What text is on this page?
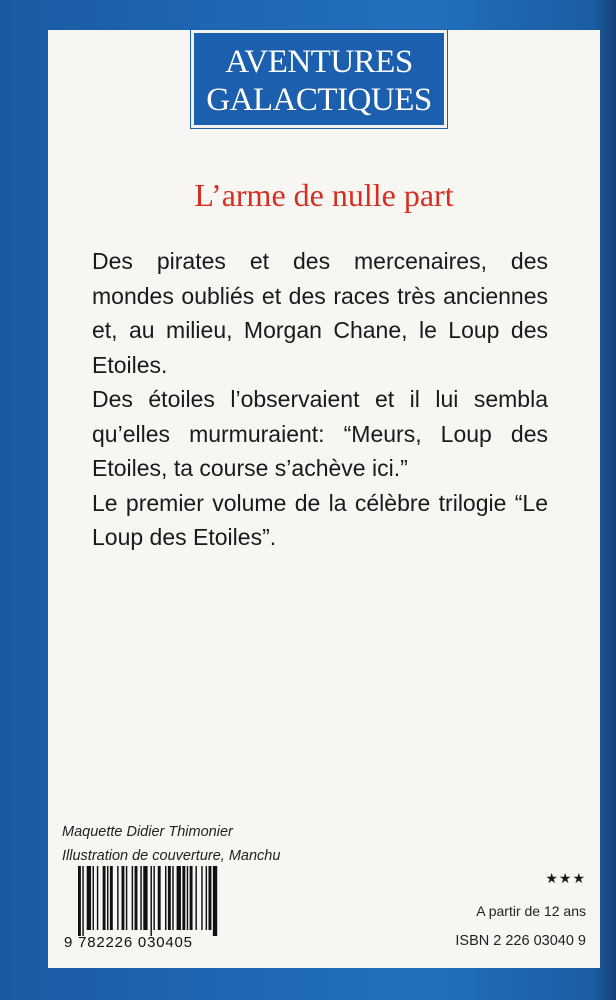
AVENTURES
GALACTIQUES
L’arme de nulle part

Des pirates et des mercenaires, des mondes oubliés et des races très anciennes et, au milieu, Morgan Chane, le Loup des Etoiles.

Des étoiles l’observaient et il lui sembla qu’elles murmuraient: “Meurs, Loup des Etoiles, ta course s’achève ici.”

Le premier volume de la célèbre trilogie “Le Loup des Etoiles”.

Maquette Didier Thimonier
Illustration de couverture, Manchu
9 782226 030405
★★★
A partir de 12 ans
ISBN 2 226 03040 9
